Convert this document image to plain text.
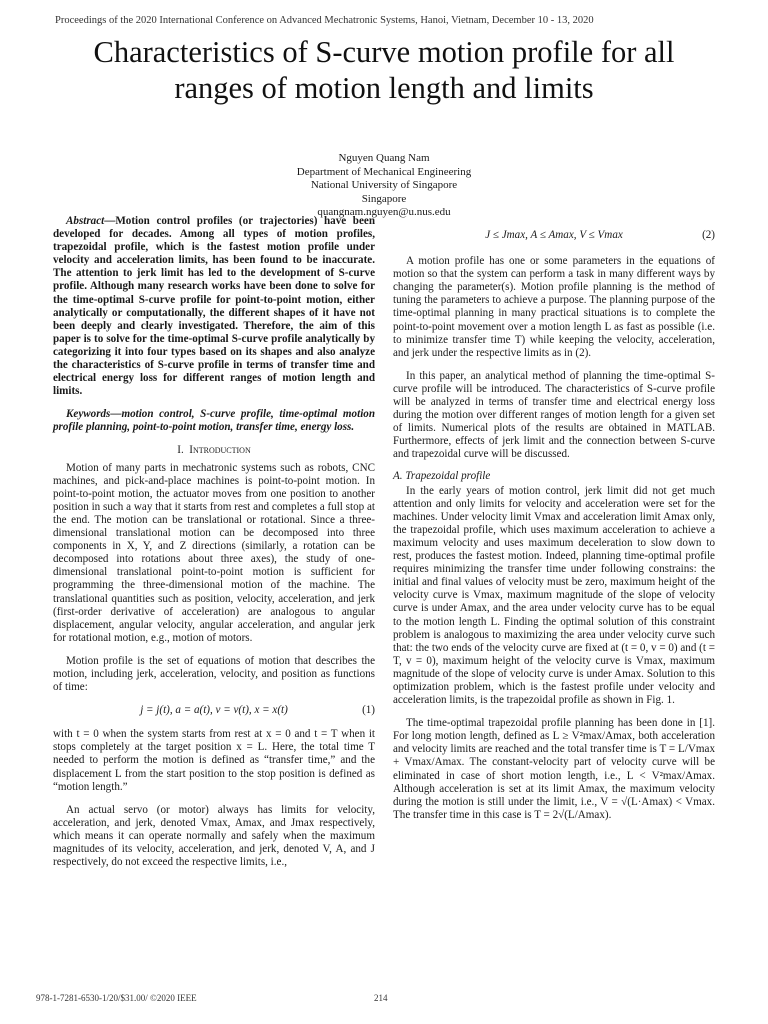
Proceedings of the 2020 International Conference on Advanced Mechatronic Systems, Hanoi, Vietnam, December 10 - 13, 2020
Characteristics of S-curve motion profile for all
ranges of motion length and limits
Nguyen Quang Nam
Department of Mechanical Engineering
National University of Singapore
Singapore
quangnam.nguyen@u.nus.edu

Abstract—Motion control profiles (or trajectories) have been developed for decades. Among all types of motion profiles, trapezoidal profile, which is the fastest motion profile under velocity and acceleration limits, has been found to be inaccurate. The attention to jerk limit has led to the development of S-curve profile. Although many research works have been done to solve for the time-optimal S-curve profile for point-to-point motion, either analytically or computationally, the different shapes of it have not been deeply and clearly investigated. Therefore, the aim of this paper is to solve for the time-optimal S-curve profile analytically by categorizing it into four types based on its shapes and also analyze the characteristics of S-curve profile in terms of transfer time and electrical energy loss for different ranges of motion length and limits.

Keywords—motion control, S-curve profile, time-optimal motion profile planning, point-to-point motion, transfer time, energy loss.

I. Introduction

Motion of many parts in mechatronic systems such as robots, CNC machines, and pick-and-place machines is point-to-point motion. In point-to-point motion, the actuator moves from one position to another position in such a way that it starts from rest and completes a full stop at the end. The motion can be translational or rotational. Since a three-dimensional translational motion can be decomposed into three components in X, Y, and Z directions (similarly, a rotation can be decomposed into rotations about three axes), the study of one-dimensional translational point-to-point motion is sufficient for programming the three-dimensional motion of the machine. The translational quantities such as position, velocity, acceleration, and jerk (first-order derivative of acceleration) are analogous to angular displacement, angular velocity, angular acceleration, and angular jerk for rotational motion, e.g., motion of motors.

Motion profile is the set of equations of motion that describes the motion, including jerk, acceleration, velocity, and position as functions of time:

j = j(t), a = a(t), v = v(t), x = x(t)	(1)

with t = 0 when the system starts from rest at x = 0 and t = T when it stops completely at the target position x = L. Here, the total time T needed to perform the motion is defined as “transfer time,” and the displacement L from the start position to the stop position is defined as “motion length.”

An actual servo (or motor) always has limits for velocity, acceleration, and jerk, denoted Vmax, Amax, and Jmax respectively, which means it can operate normally and safely when the maximum magnitudes of its velocity, acceleration, and jerk, denoted V, A, and J respectively, do not exceed the respective limits, i.e.,

J ≤ Jmax, A ≤ Amax, V ≤ Vmax	(2)

A motion profile has one or some parameters in the equations of motion so that the system can perform a task in many different ways by changing the parameter(s). Motion profile planning is the method of tuning the parameters to achieve a purpose. The planning purpose of the time-optimal planning in many practical situations is to complete the point-to-point movement over a motion length L as fast as possible (i.e. to minimize transfer time T) while keeping the velocity, acceleration, and jerk under the respective limits as in (2).

In this paper, an analytical method of planning the time-optimal S-curve profile will be introduced. The characteristics of S-curve profile will be analyzed in terms of transfer time and electrical energy loss during the motion over different ranges of motion length for a given set of limits. Numerical plots of the results are obtained in MATLAB. Furthermore, effects of jerk limit and the connection between S-curve and trapezoidal curve will be discussed.

A. Trapezoidal profile

In the early years of motion control, jerk limit did not get much attention and only limits for velocity and acceleration were set for the machines. Under velocity limit Vmax and acceleration limit Amax only, the trapezoidal profile, which uses maximum acceleration to achieve a maximum velocity and uses maximum deceleration to slow down to rest, produces the fastest motion. Indeed, planning time-optimal profile requires minimizing the transfer time under following constrains: the initial and final values of velocity must be zero, maximum height of the velocity curve is Vmax, maximum magnitude of the slope of velocity curve is under Amax, and the area under velocity curve has to be equal to the motion length L. Finding the optimal solution of this constraint problem is analogous to maximizing the area under velocity curve such that: the two ends of the velocity curve are fixed at (t = 0, v = 0) and (t = T, v = 0), maximum height of the velocity curve is Vmax, maximum magnitude of the slope of velocity curve is under Amax. Solution to this optimization problem, which is the fastest profile under velocity and acceleration limits, is the trapezoidal profile as shown in Fig. 1.

The time-optimal trapezoidal profile planning has been done in [1]. For long motion length, defined as L ≥ V²max/Amax, both acceleration and velocity limits are reached and the total transfer time is T = L/Vmax + Vmax/Amax. The constant-velocity part of velocity curve will be eliminated in case of short motion length, i.e., L < V²max/Amax. Although acceleration is set at its limit Amax, the maximum velocity during the motion is still under the limit, i.e., V = √(L·Amax) < Vmax. The transfer time in this case is T = 2√(L/Amax).

978-1-7281-6530-1/20/$31.00/ ©2020 IEEE	214
